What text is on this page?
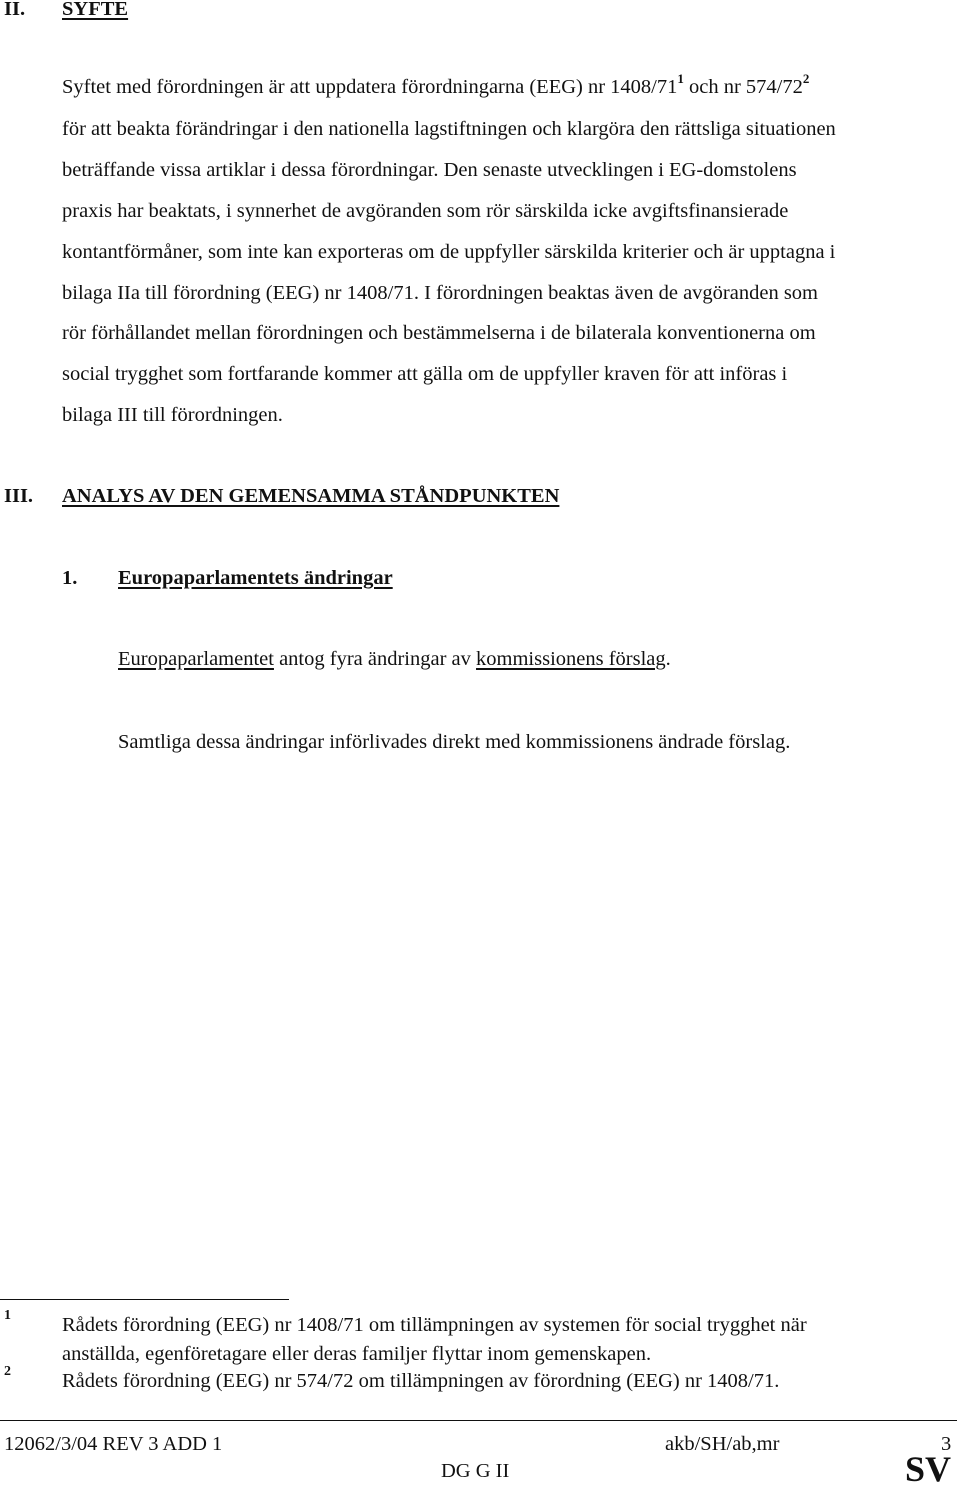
II. SYFTE
Syftet med förordningen är att uppdatera förordningarna (EEG) nr $1408/71^1$ och nr $574/72^2$
för att beakta förändringar i den nationella lagstiftningen och klargöra den rättsliga situationen
beträffande vissa artiklar i dessa förordningar. Den senaste utvecklingen i EG-domstolens
praxis har beaktats, i synnerhet de avgöranden som rör särskilda icke avgiftsfinansierade
kontantförmåner, som inte kan exporteras om de uppfyller särskilda kriterier och är upptagna i
bilaga IIa till förordning (EEG) nr 1408/71. I förordningen beaktas även de avgöranden som
rör förhållandet mellan förordningen och bestämmelserna i de bilaterala konventionerna om
social trygghet som fortfarande kommer att gälla om de uppfyller kraven för att införas i
bilaga III till förordningen.
III. ANALYS AV DEN GEMENSAMMA STÅNDPUNKTEN
1. Europaparlamentets ändringar
Europaparlamentet antog fyra ändringar av kommissionens förslag.
Samtliga dessa ändringar införlivades direkt med kommissionens ändrade förslag.
1 Rådets förordning (EEG) nr 1408/71 om tillämpningen av systemen för social trygghet när
anställda, egenföretagare eller deras familjer flyttar inom gemenskapen.
2 Rådets förordning (EEG) nr 574/72 om tillämpningen av förordning (EEG) nr 1408/71.
12062/3/04 REV 3 ADD 1	akb/SH/ab,mr	3
DG G II	SV
